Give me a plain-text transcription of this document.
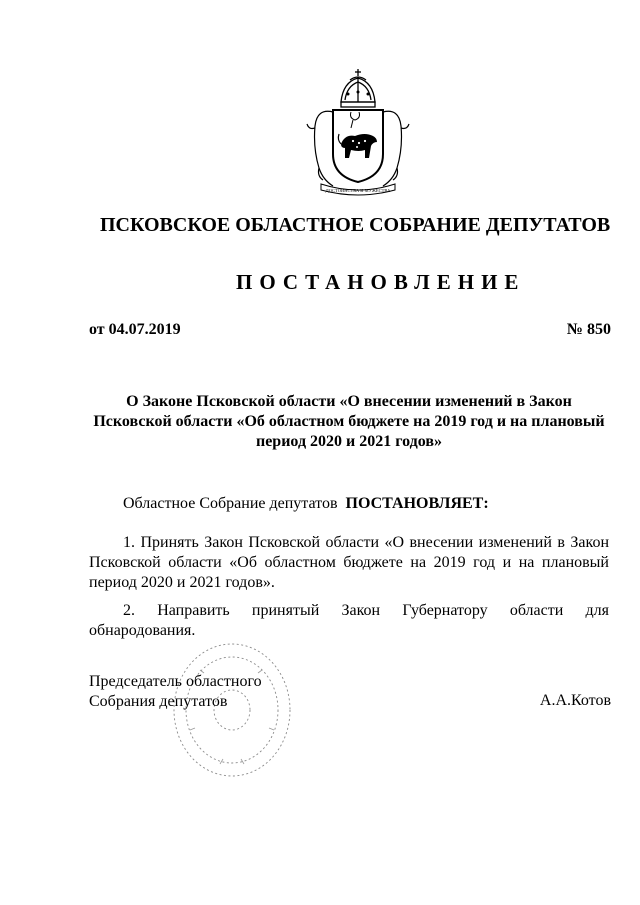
ДОСТОИНСТВА И МУЖЕСТВА
ПСКОВСКОЕ ОБЛАСТНОЕ СОБРАНИЕ ДЕПУТАТОВ
ПОСТАНОВЛЕНИЕ
от 04.07.2019	№ 850
О Законе Псковской области «О внесении изменений в Закон
Псковской области «Об областном бюджете на 2019 год и на плановый
период 2020 и 2021 годов»
Областное Собрание депутатов ПОСТАНОВЛЯЕТ:
1. Принять Закон Псковской области «О внесении изменений в Закон Псковской области «Об областном бюджете на 2019 год и на плановый период 2020 и 2021 годов».
2. Направить принятый Закон Губернатору области для обнародования.
Председатель областного
Собрания депутатов	А.А.Котов
